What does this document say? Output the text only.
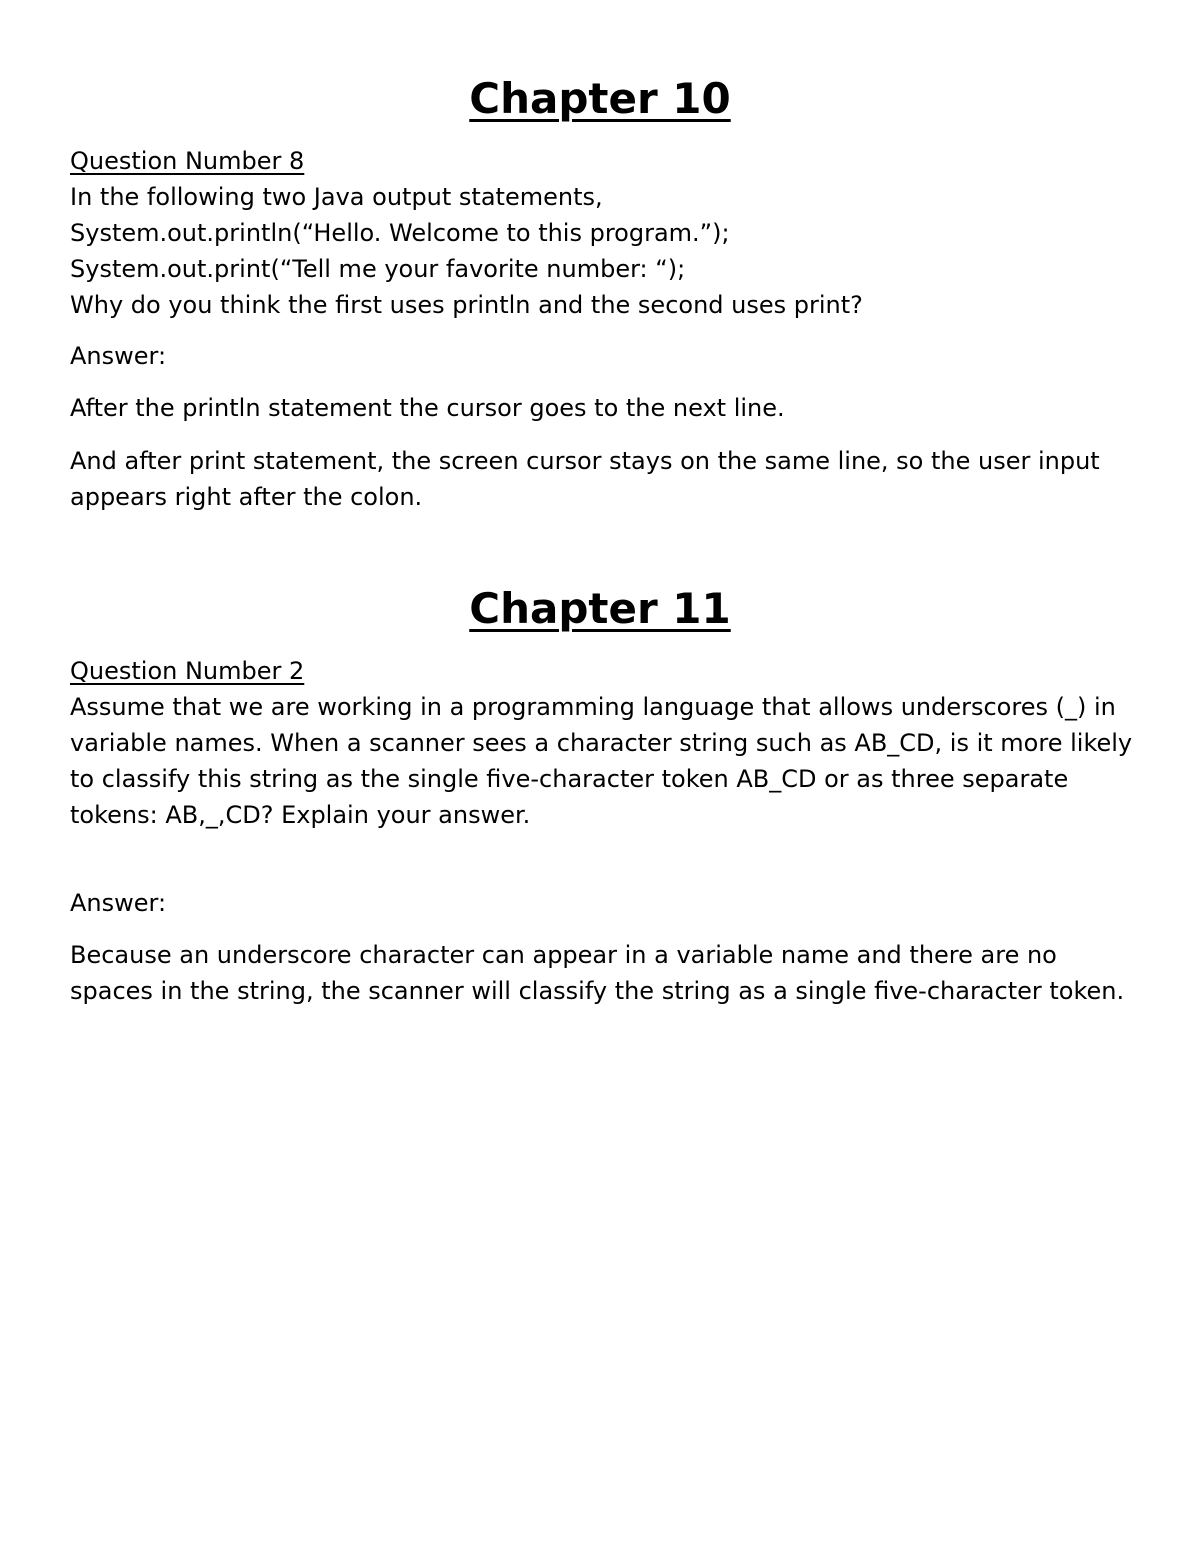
Chapter 10
Question Number 8
In the following two Java output statements,
System.out.println(“Hello. Welcome to this program.”);
System.out.print(“Tell me your favorite number: “);
Why do you think the first uses println and the second uses print?
Answer:
After the println statement the cursor goes to the next line.
And after print statement, the screen cursor stays on the same line, so the user input appears right after the colon.
Chapter 11
Question Number 2
Assume that we are working in a programming language that allows underscores (_) in variable names. When a scanner sees a character string such as AB_CD, is it more likely to classify this string as the single five-character token AB_CD or as three separate tokens: AB,_,CD? Explain your answer.
Answer:
Because an underscore character can appear in a variable name and there are no spaces in the string, the scanner will classify the string as a single five-character token.
